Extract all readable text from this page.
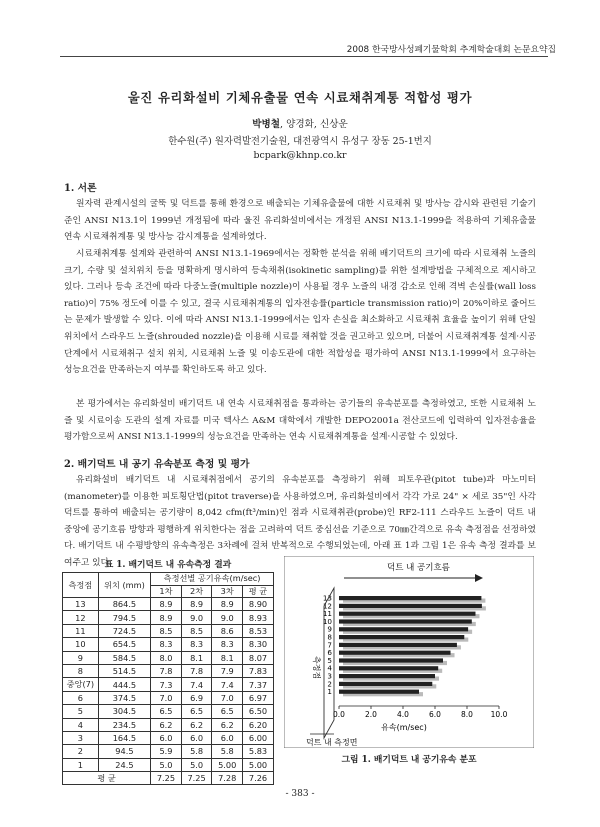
2008 한국방사성폐기물학회 추계학술대회 논문요약집
울진 유리화설비 기체유출물 연속 시료채취계통 적합성 평가
박병철, 양경화, 신상운
한수원(주) 원자력발전기술원, 대전광역시 유성구 장동 25-1번지
bcpark@khnp.co.kr
1. 서론

원자력 관계시설의 굴뚝 및 덕트를 통해 환경으로 배출되는 기체유출물에 대한 시료채취 및 방사능 감시와 관련된 기술기준인 ANSI N13.1이 1999년 개정됨에 따라 울진 유리화설비에서는 개정된 ANSI N13.1-1999을 적용하여 기체유출물 연속 시료채취계통 및 방사능 감시계통을 설계하였다.

시료채취계통 설계와 관련하여 ANSI N13.1-1969에서는 정확한 분석을 위해 배기덕트의 크기에 따라 시료채취 노즐의 크기, 수량 및 설치위치 등을 명확하게 명시하여 등속채취(isokinetic sampling)를 위한 설계방법을 구체적으로 제시하고 있다. 그러나 등속 조건에 따라 다중노즐(multiple nozzle)이 사용될 경우 노즐의 내경 감소로 인해 격벽 손실률(wall loss ratio)이 75% 정도에 이를 수 있고, 결국 시료채취계통의 입자전송률(particle transmission ratio)이 20%이하로 줄어드는 문제가 발생할 수 있다. 이에 따라 ANSI N13.1-1999에서는 입자 손실을 최소화하고 시료채취 효율을 높이기 위해 단일 위치에서 스라우드 노즐(shrouded nozzle)을 이용해 시료를 채취할 것을 권고하고 있으며, 더불어 시료채취계통 설계·시공 단계에서 시료채취구 설치 위치, 시료채취 노즐 및 이송도관에 대한 적합성을 평가하여 ANSI N13.1-1999에서 요구하는 성능요건을 만족하는지 여부를 확인하도록 하고 있다.

본 평가에서는 유리화설비 배기덕트 내 연속 시료채취점을 통과하는 공기들의 유속분포를 측정하였고, 또한 시료채취 노즐 및 시료이송 도관의 설계 자료를 미국 텍사스 A&M 대학에서 개발한 DEPO2001a 전산코드에 입력하여 입자전송율을 평가함으로써 ANSI N13.1-1999의 성능요건을 만족하는 연속 시료채취계통을 설계·시공할 수 있었다.

2. 배기덕트 내 공기 유속분포 측정 및 평가

유리화설비 배기덕트 내 시료채취점에서 공기의 유속분포를 측정하기 위해 피토우관(pitot tube)과 마노미터(manometer)를 이용한 피토횡단법(pitot traverse)을 사용하였으며, 유리화설비에서 각각 가로 24" × 세로 35"인 사각 덕트를 통하여 배출되는 공기량이 8,042 cfm(ft³/min)인 점과 시료채취관(probe)인 RF2-111 스라우드 노즐이 덕트 내 중앙에 공기흐름 방향과 평행하게 위치한다는 점을 고려하여 덕트 중심선을 기준으로 70㎜간격으로 유속 측정점을 선정하였다. 배기덕트 내 수평방향의 유속측정은 3차례에 걸쳐 반복적으로 수행되었는데, 아래 표 1과 그림 1은 유속 측정 결과를 보여주고 있다.

표 1. 배기덕트 내 유속측정 결과
측정점	위치 (mm)	측정선별 공기유속(m/sec)			
		1차	2차	3차	평 균
13	864.5	8.9	8.9	8.9	8.90
12	794.5	8.9	9.0	9.0	8.93
11	724.5	8.5	8.5	8.6	8.53
10	654.5	8.3	8.3	8.3	8.30
9	584.5	8.0	8.1	8.1	8.07
8	514.5	7.8	7.8	7.9	7.83
중앙(7)	444.5	7.3	7.4	7.4	7.37
6	374.5	7.0	6.9	7.0	6.97
5	304.5	6.5	6.5	6.5	6.50
4	234.5	6.2	6.2	6.2	6.20
3	164.5	6.0	6.0	6.0	6.00
2	94.5	5.9	5.8	5.8	5.83
1	24.5	5.0	5.0	5.00	5.00
평 균		7.25	7.25	7.28	7.26
덕트 내 공기흐름
측정점
13
12
11
10
9
8
7
6
5
4
3
2
1
0.0	2.0	4.0	6.0	8.0 10.0
유속(m/sec)
덕트 내 측정면
그림 1. 배기덕트 내 공기유속 분포
- 383 -
